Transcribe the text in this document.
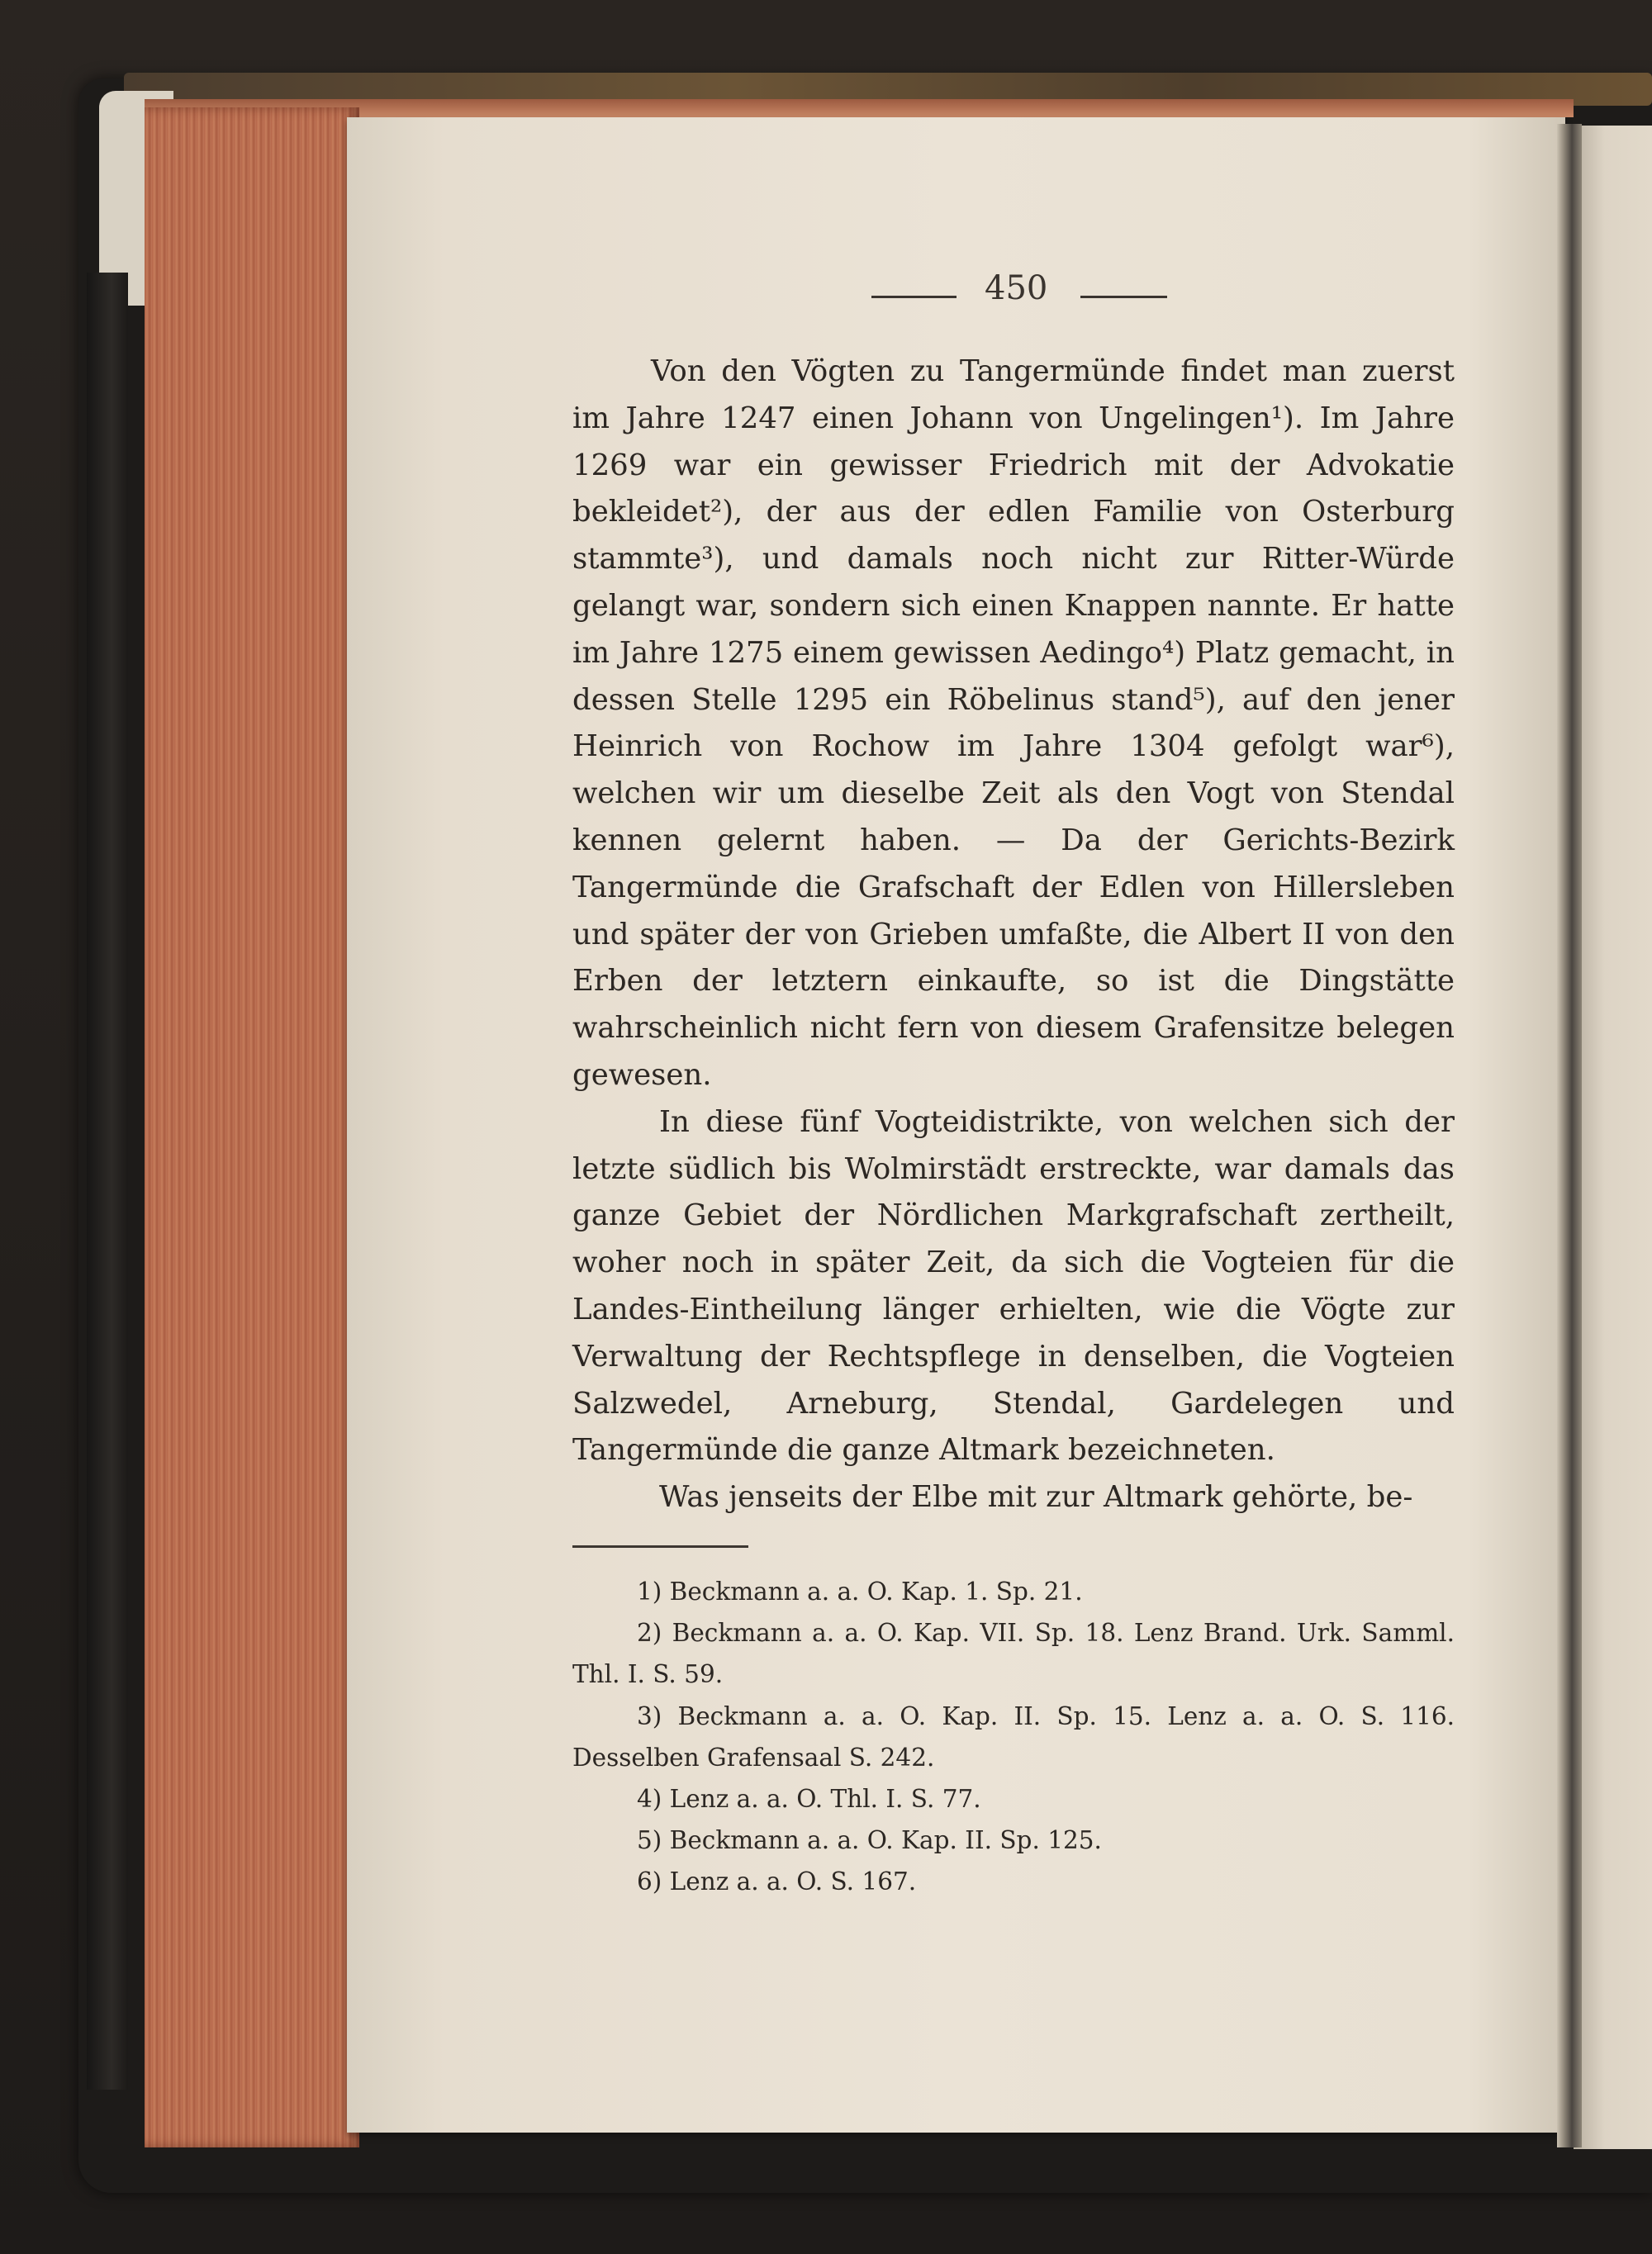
450

Von den Vögten zu Tangermünde findet man zuerst im Jahre 1247 einen Johann von Ungelingen¹). Im Jahre 1269 war ein gewisser Friedrich mit der Advokatie bekleidet²), der aus der edlen Familie von Osterburg stammte³), und damals noch nicht zur Ritter-Würde gelangt war, sondern sich einen Knappen nannte. Er hatte im Jahre 1275 einem gewissen Aedingo⁴) Platz gemacht, in dessen Stelle 1295 ein Röbelinus stand⁵), auf den jener Heinrich von Rochow im Jahre 1304 gefolgt war⁶), welchen wir um dieselbe Zeit als den Vogt von Stendal kennen gelernt haben. — Da der Gerichts-Bezirk Tangermünde die Grafschaft der Edlen von Hillersleben und später der von Grieben umfaßte, die Albert II von den Erben der letztern einkaufte, so ist die Dingstätte wahrscheinlich nicht fern von diesem Grafensitze belegen gewesen.

In diese fünf Vogteidistrikte, von welchen sich der letzte südlich bis Wolmirstädt erstreckte, war damals das ganze Gebiet der Nördlichen Markgrafschaft zertheilt, woher noch in später Zeit, da sich die Vogteien für die Landes-Eintheilung länger erhielten, wie die Vögte zur Verwaltung der Rechtspflege in denselben, die Vogteien Salzwedel, Arneburg, Stendal, Gardelegen und Tangermünde die ganze Altmark bezeichneten.

Was jenseits der Elbe mit zur Altmark gehörte, be-

1) Beckmann a. a. O. Kap. 1. Sp. 21.

2) Beckmann a. a. O. Kap. VII. Sp. 18. Lenz Brand. Urk. Samml. Thl. I. S. 59.

3) Beckmann a. a. O. Kap. II. Sp. 15. Lenz a. a. O. S. 116. Desselben Grafensaal S. 242.

4) Lenz a. a. O. Thl. I. S. 77.

5) Beckmann a. a. O. Kap. II. Sp. 125.

6) Lenz a. a. O. S. 167.
